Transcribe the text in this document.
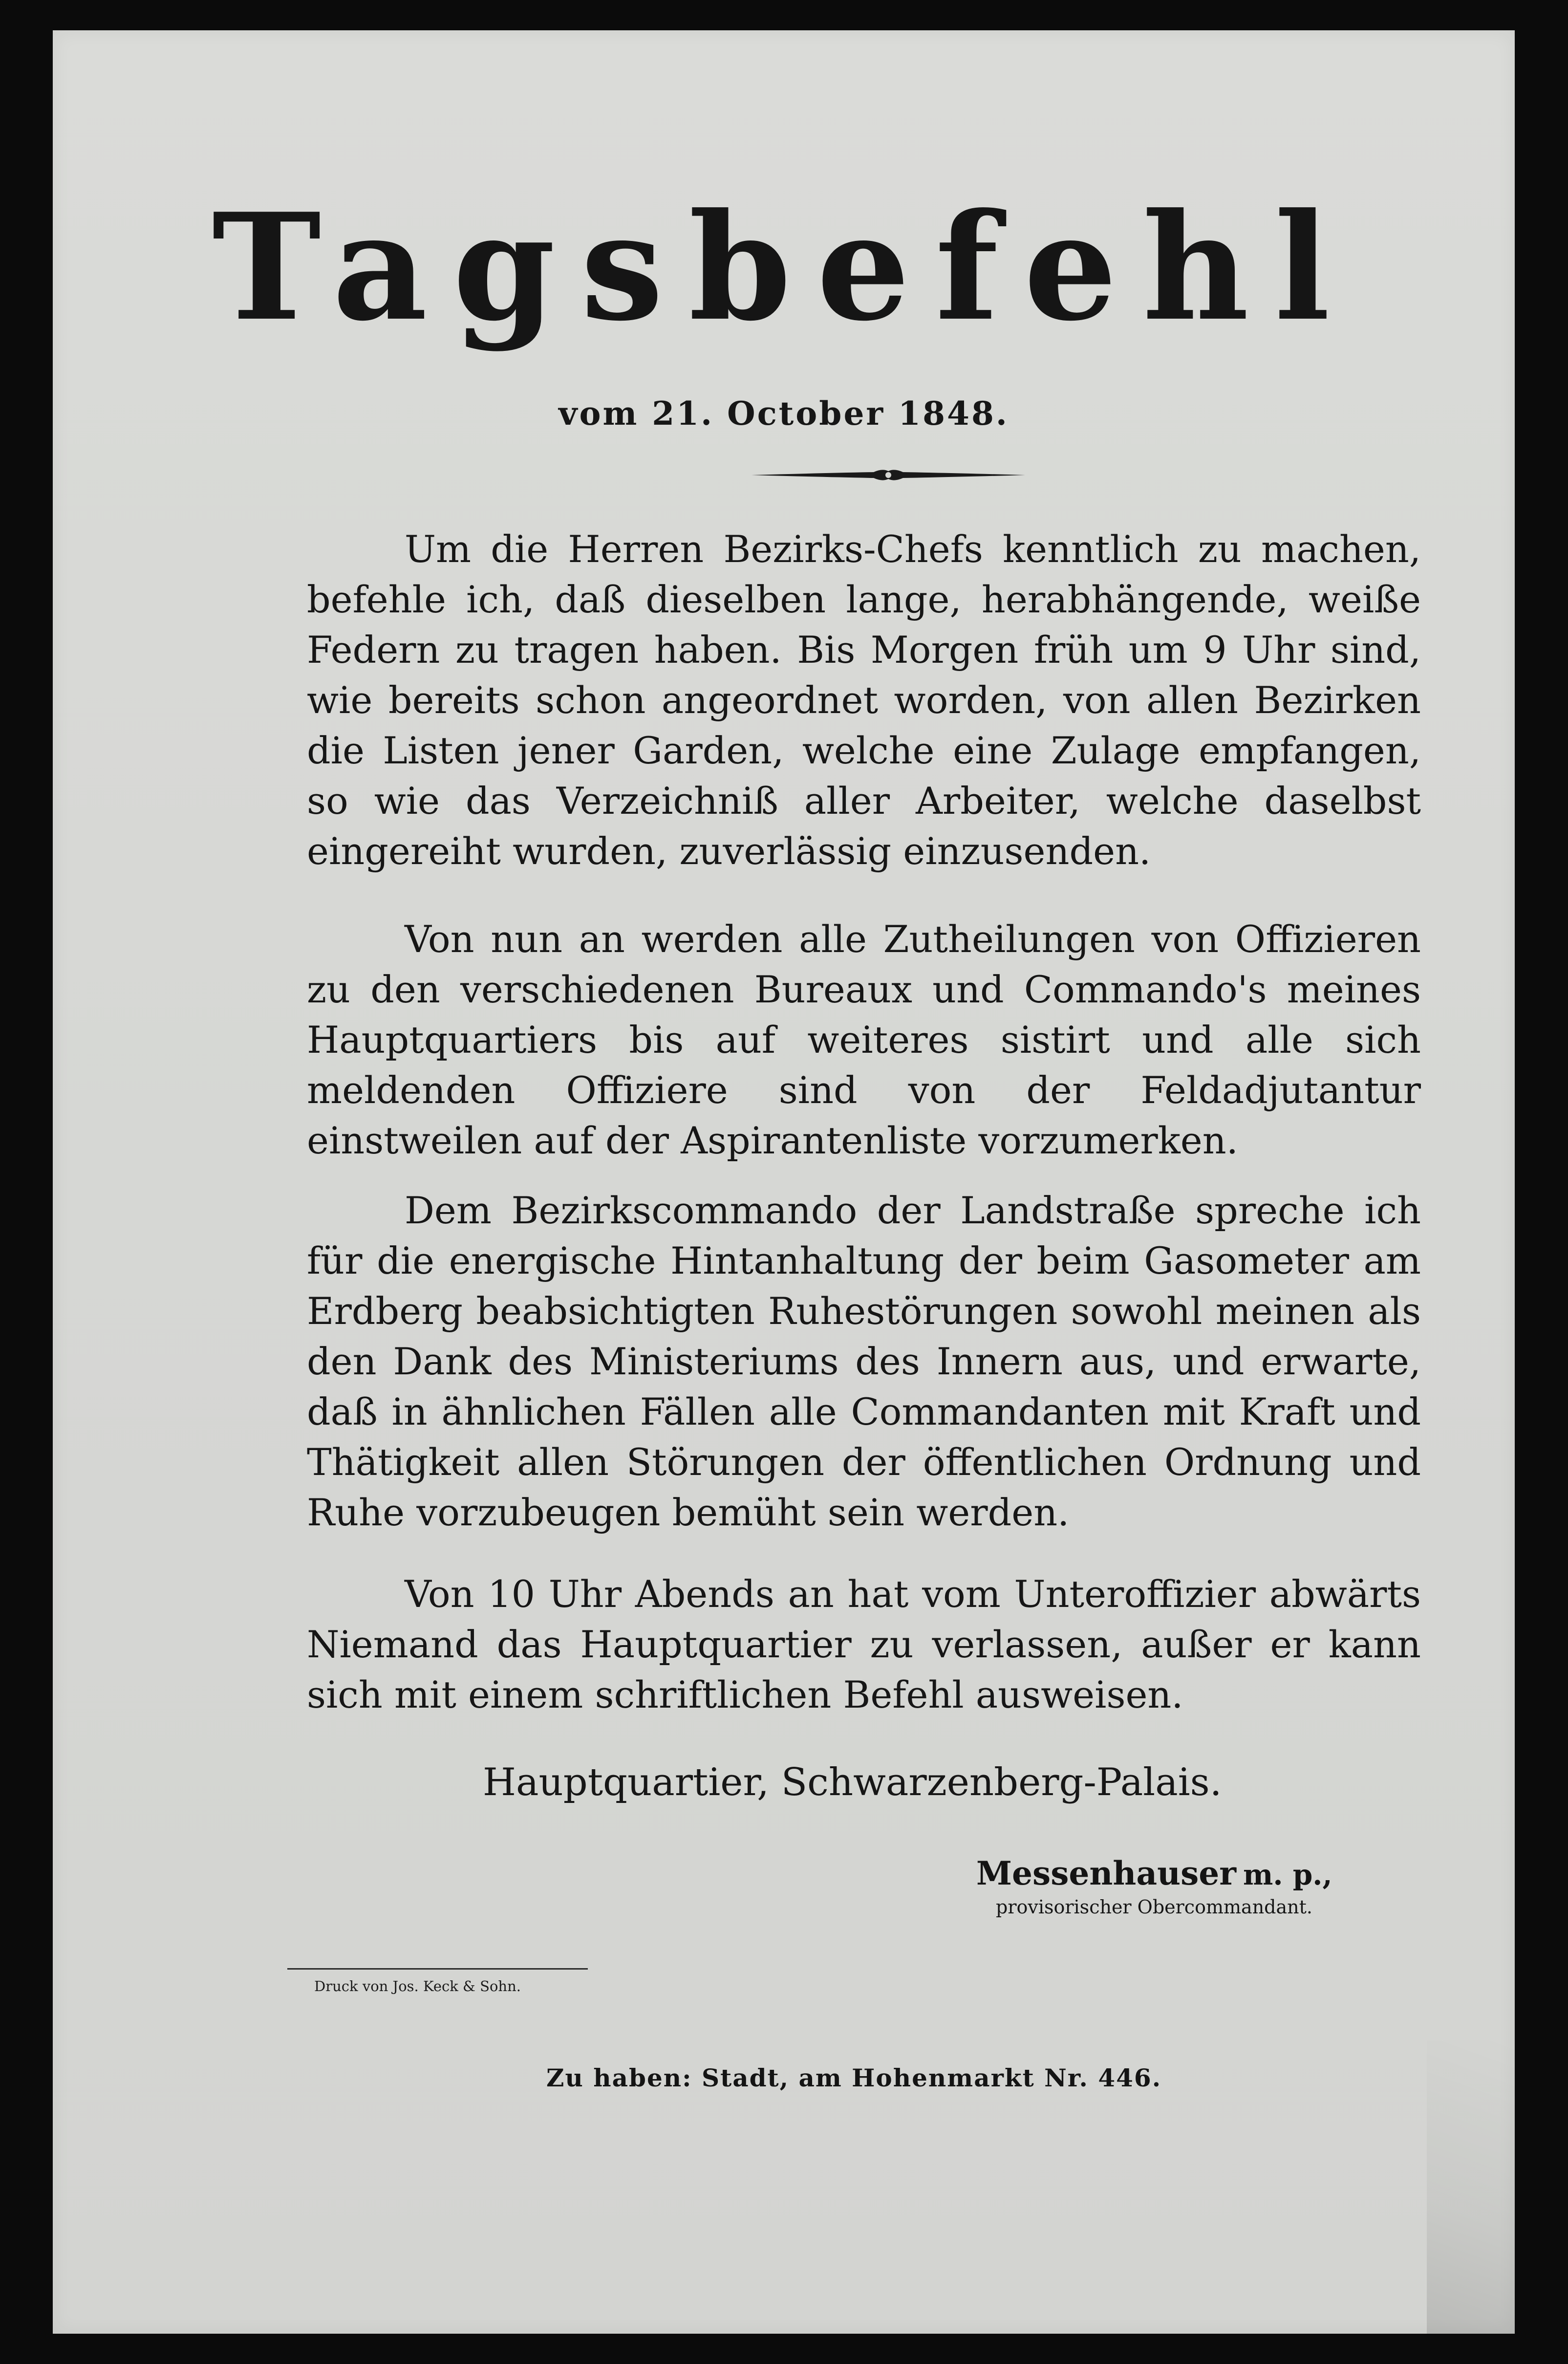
Tagsbefehl

vom 21. October 1848.

Um die Herren Bezirks-Chefs kenntlich zu machen, befehle ich, daß dieselben lange, herabhängende, weiße Federn zu tragen haben. Bis Morgen früh um 9 Uhr sind, wie bereits schon angeordnet worden, von allen Bezirken die Listen jener Garden, welche eine Zulage empfangen, so wie das Verzeichniß aller Arbeiter, welche daselbst eingereiht wurden, zuverlässig einzusenden.

Von nun an werden alle Zutheilungen von Offizieren zu den verschiedenen Bureaux und Commando's meines Hauptquartiers bis auf weiteres sistirt und alle sich meldenden Offiziere sind von der Feldadjutantur einstweilen auf der Aspirantenliste vorzumerken.

Dem Bezirkscommando der Landstraße spreche ich für die energische Hintanhaltung der beim Gasometer am Erdberg beabsichtigten Ruhestörungen sowohl meinen als den Dank des Ministeriums des Innern aus, und erwarte, daß in ähnlichen Fällen alle Commandanten mit Kraft und Thätigkeit allen Störungen der öffentlichen Ordnung und Ruhe vorzubeugen bemüht sein werden.

Von 10 Uhr Abends an hat vom Unteroffizier abwärts Niemand das Hauptquartier zu verlassen, außer er kann sich mit einem schriftlichen Befehl ausweisen.

Hauptquartier, Schwarzenberg-Palais.

Messenhauser m. p.,

provisorischer Obercommandant.

Druck von Jos. Keck & Sohn.

Zu haben: Stadt, am Hohenmarkt Nr. 446.
